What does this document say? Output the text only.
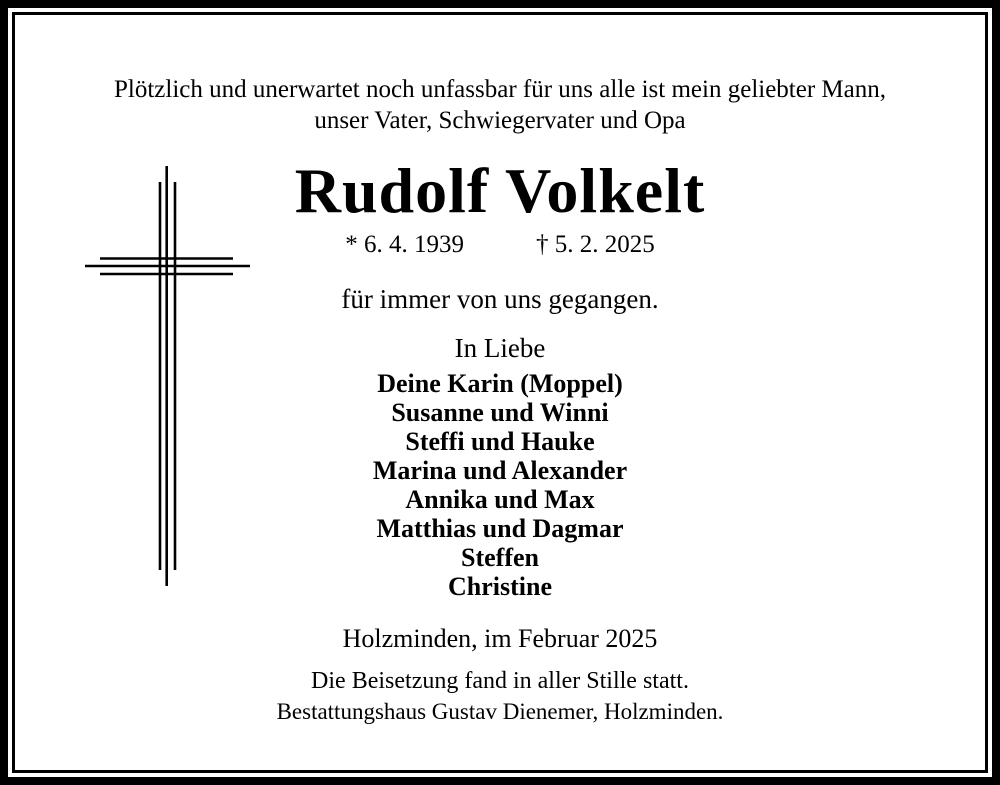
Plötzlich und unerwartet noch unfassbar für uns alle ist mein geliebter Mann,
unser Vater, Schwiegervater und Opa
Rudolf Volkelt
* 6. 4. 1939	† 5. 2. 2025
für immer von uns gegangen.
In Liebe
Deine Karin (Moppel)
Susanne und Winni
Steffi und Hauke
Marina und Alexander
Annika und Max
Matthias und Dagmar
Steffen
Christine
Holzminden, im Februar 2025
Die Beisetzung fand in aller Stille statt.
Bestattungshaus Gustav Dienemer, Holzminden.
